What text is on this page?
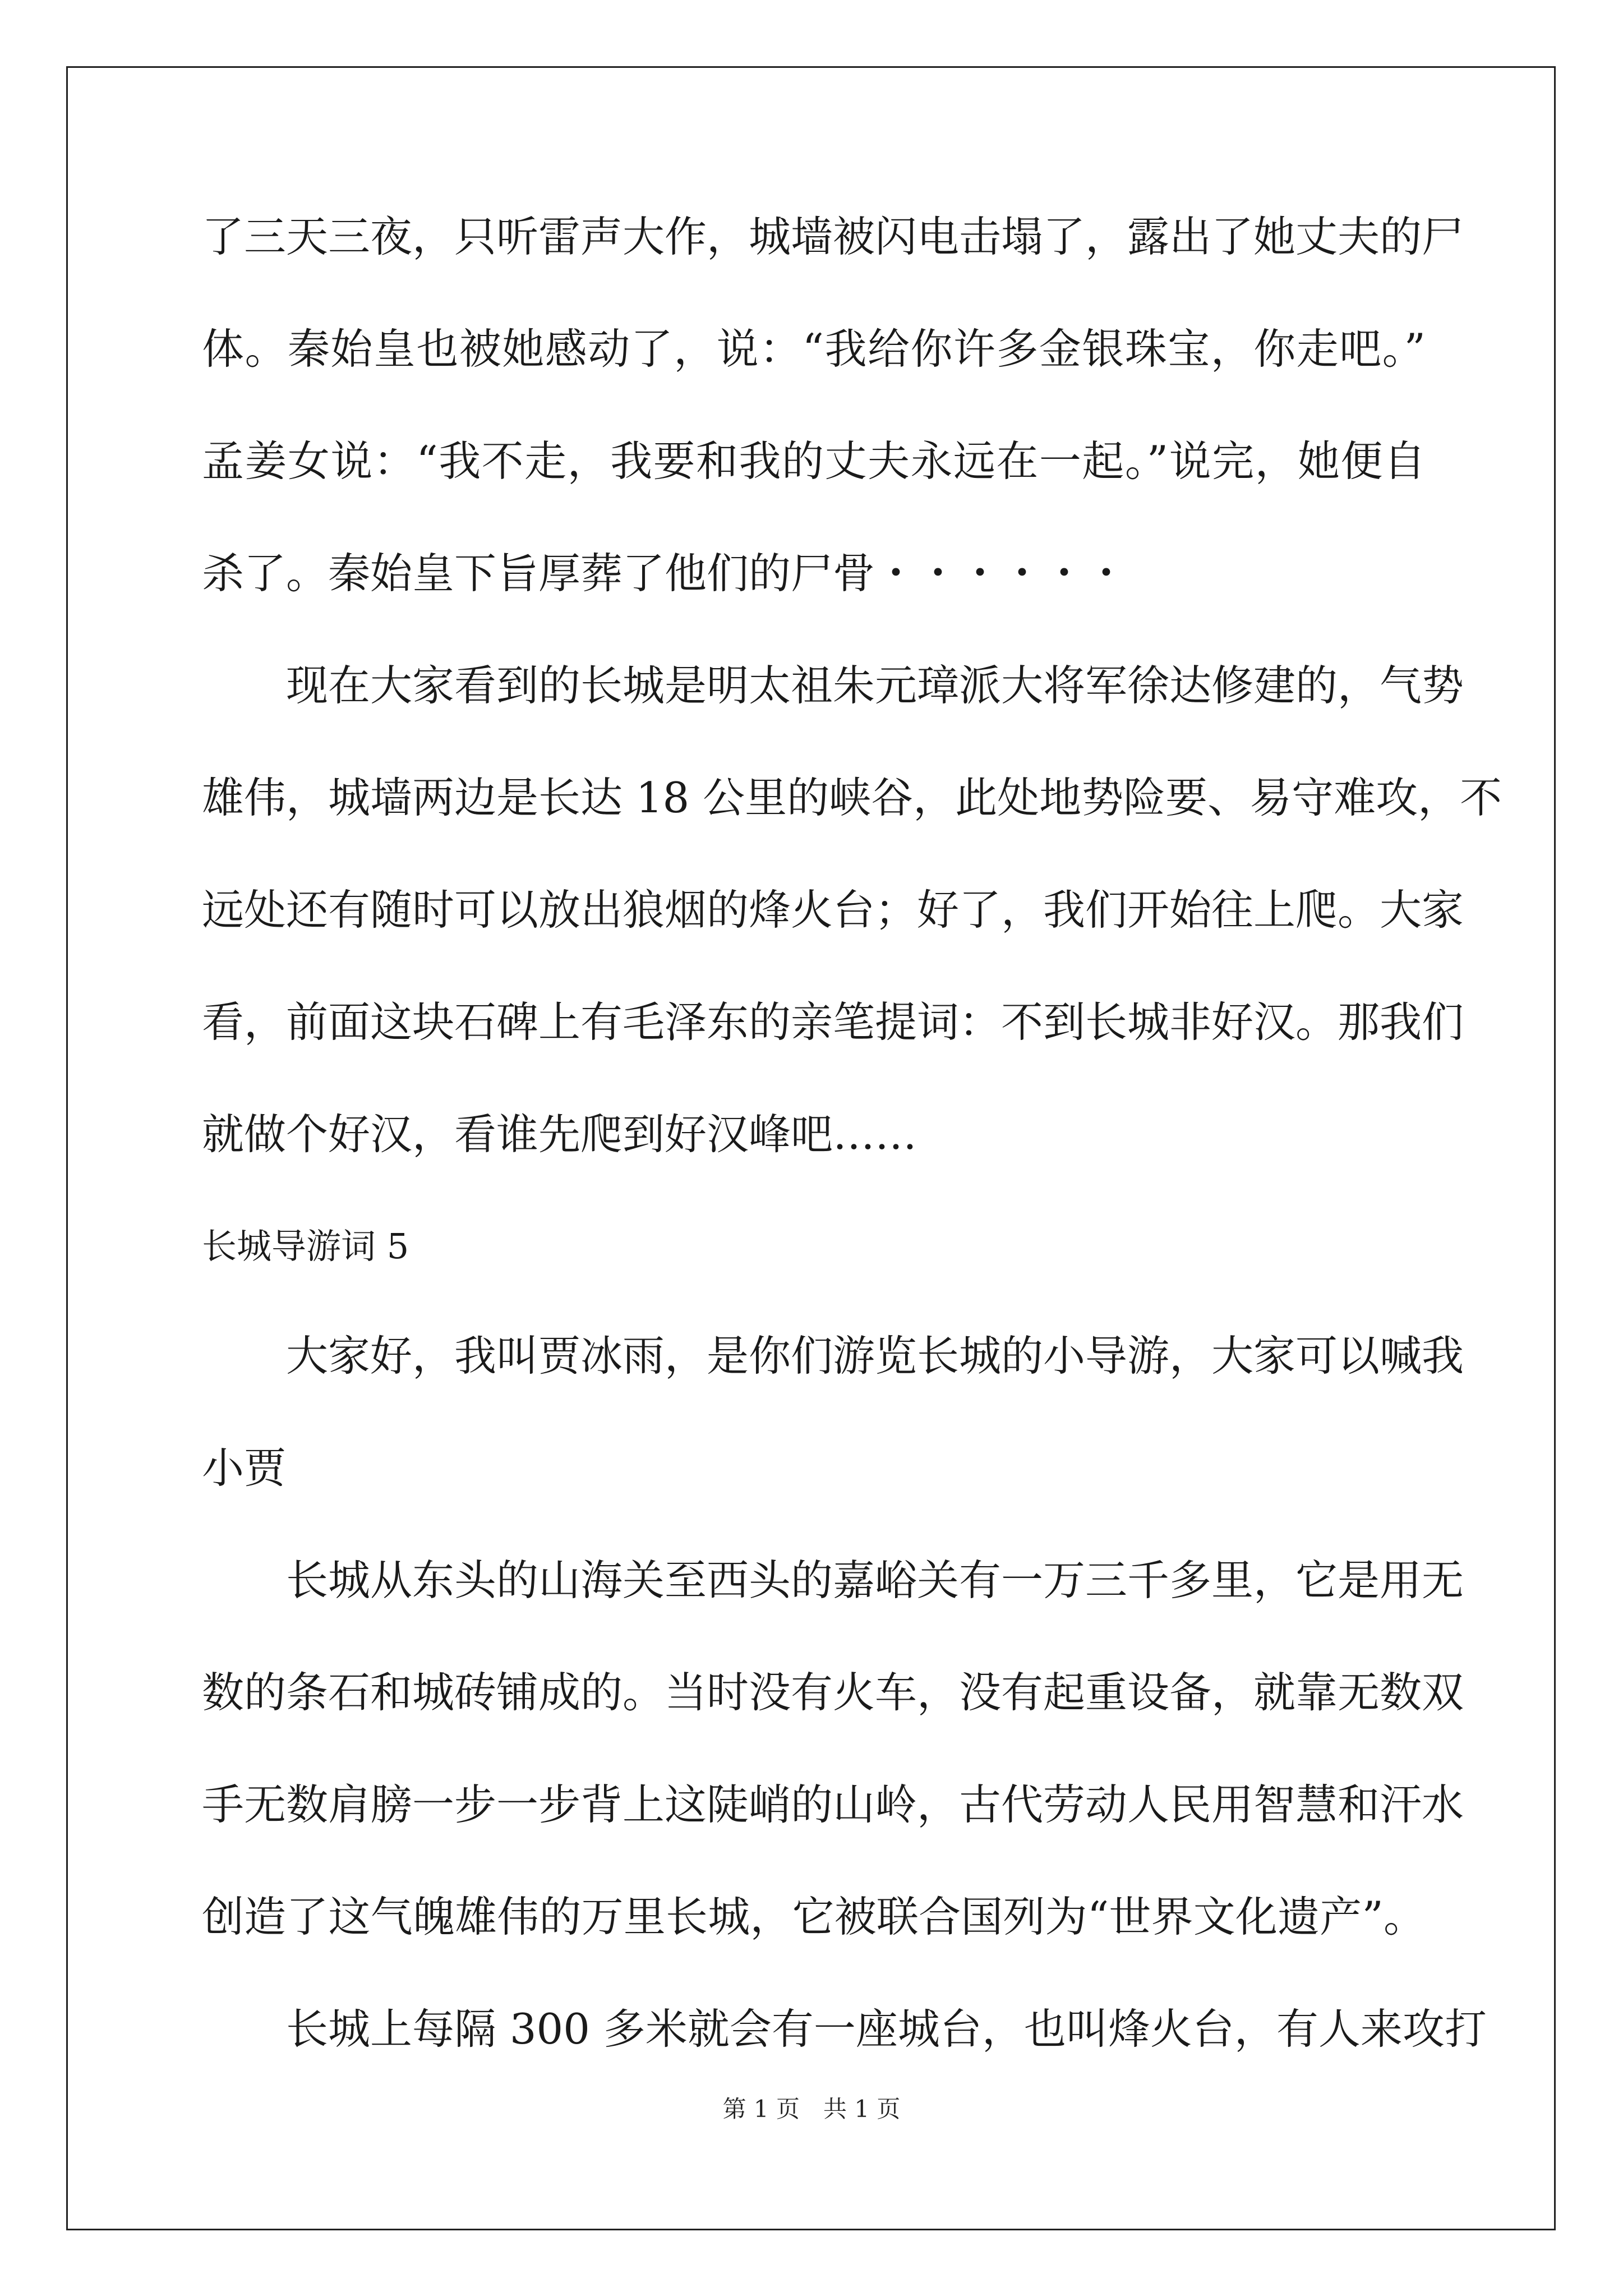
了三天三夜，只听雷声大作，城墙被闪电击塌了，露出了她丈夫的尸
体。秦始皇也被她感动了，说：“我给你许多金银珠宝，你走吧。”
孟姜女说：“我不走，我要和我的丈夫永远在一起。”说完，她便自
杀了。秦始皇下旨厚葬了他们的尸骨・・・・・・
现在大家看到的长城是明太祖朱元璋派大将军徐达修建的，气势
雄伟，城墙两边是长达 18 公里的峡谷，此处地势险要、易守难攻，不
远处还有随时可以放出狼烟的烽火台；好了，我们开始往上爬。大家
看，前面这块石碑上有毛泽东的亲笔提词：不到长城非好汉。那我们
就做个好汉，看谁先爬到好汉峰吧……
长城导游词 5
大家好，我叫贾冰雨，是你们游览长城的小导游，大家可以喊我
小贾
长城从东头的山海关至西头的嘉峪关有一万三千多里，它是用无
数的条石和城砖铺成的。当时没有火车，没有起重设备，就靠无数双
手无数肩膀一步一步背上这陡峭的山岭，古代劳动人民用智慧和汗水
创造了这气魄雄伟的万里长城，它被联合国列为“世界文化遗产”。
长城上每隔 300 多米就会有一座城台，也叫烽火台，有人来攻打
第 1 页　共 1 页
